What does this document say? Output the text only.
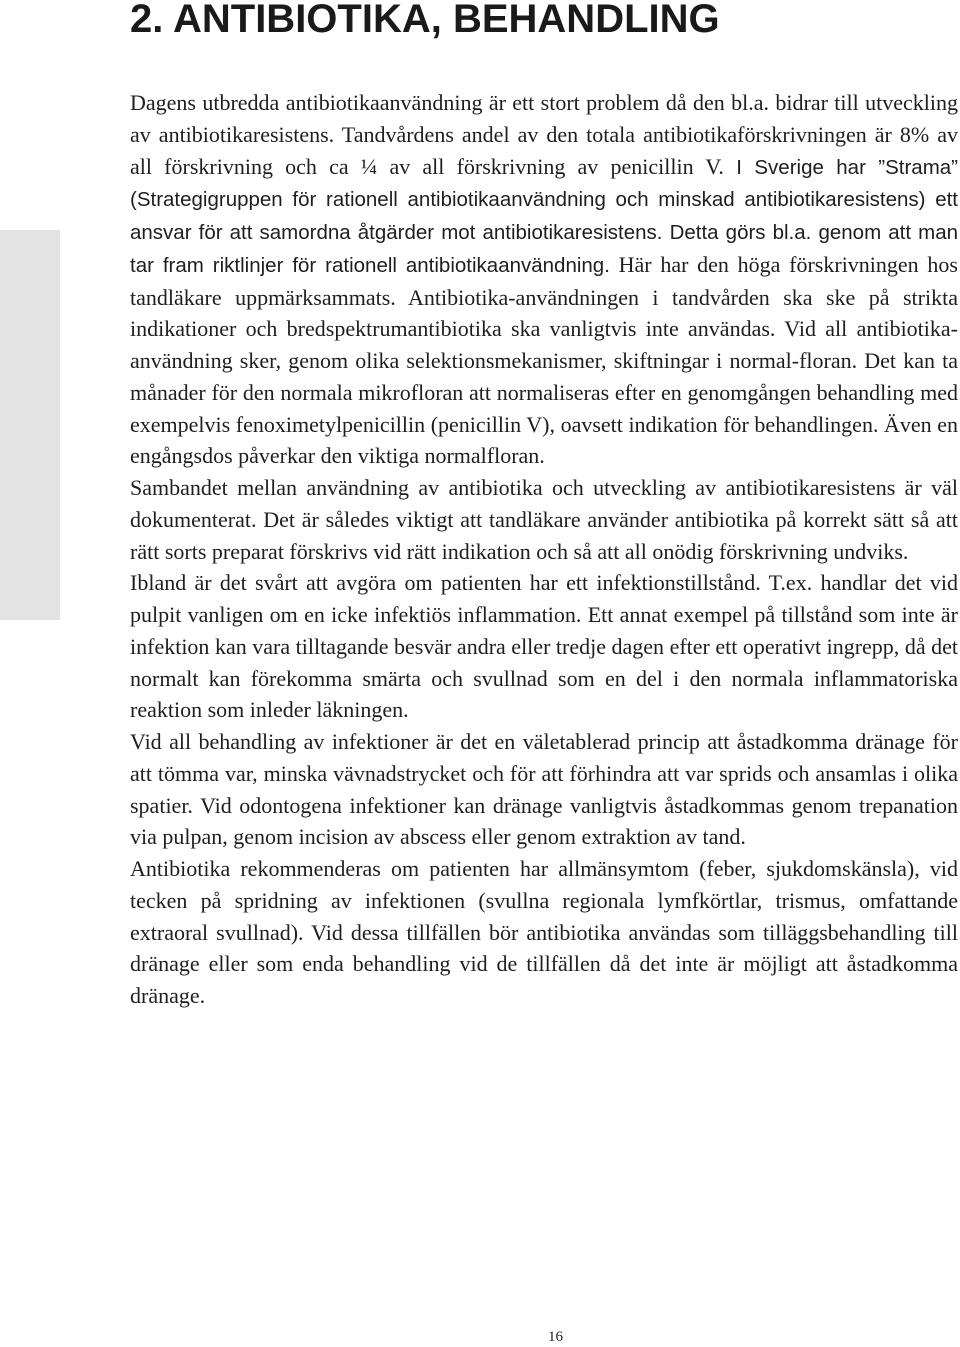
2. ANTIBIOTIKA, BEHANDLING

Dagens utbredda antibiotikaanvändning är ett stort problem då den bl.a. bidrar till utveckling av antibiotikaresistens. Tandvårdens andel av den totala antibiotikaförskrivningen är 8% av all förskrivning och ca ¼ av all förskrivning av penicillin V. I Sverige har ”Strama” (Strategigruppen för rationell antibiotikaanvändning och minskad antibiotikaresistens) ett ansvar för att samordna åtgärder mot antibiotikaresistens. Detta görs bl.a. genom att man tar fram riktlinjer för rationell antibiotikaanvändning. Här har den höga förskrivningen hos tandläkare uppmärksammats. Antibiotika-användningen i tandvården ska ske på strikta indikationer och bredspektrumantibiotika ska vanligtvis inte användas. Vid all antibiotika-användning sker, genom olika selektionsmekanismer, skiftningar i normal-floran. Det kan ta månader för den normala mikrofloran att normaliseras efter en genomgången behandling med exempelvis fenoximetylpenicillin (penicillin V), oavsett indikation för behandlingen. Även en engångsdos påverkar den viktiga normalfloran.

Sambandet mellan användning av antibiotika och utveckling av antibiotikaresistens är väl dokumenterat. Det är således viktigt att tandläkare använder antibiotika på korrekt sätt så att rätt sorts preparat förskrivs vid rätt indikation och så att all onödig förskrivning undviks.

Ibland är det svårt att avgöra om patienten har ett infektionstillstånd. T.ex. handlar det vid pulpit vanligen om en icke infektiös inflammation. Ett annat exempel på tillstånd som inte är infektion kan vara tilltagande besvär andra eller tredje dagen efter ett operativt ingrepp, då det normalt kan förekomma smärta och svullnad som en del i den normala inflammatoriska reaktion som inleder läkningen.

Vid all behandling av infektioner är det en väletablerad princip att åstadkomma dränage för att tömma var, minska vävnadstrycket och för att förhindra att var sprids och ansamlas i olika spatier. Vid odontogena infektioner kan dränage vanligtvis åstadkommas genom trepanation via pulpan, genom incision av abscess eller genom extraktion av tand.

Antibiotika rekommenderas om patienten har allmänsymtom (feber, sjukdomskänsla), vid tecken på spridning av infektionen (svullna regionala lymfkörtlar, trismus, omfattande extraoral svullnad). Vid dessa tillfällen bör antibiotika användas som tilläggsbehandling till dränage eller som enda behandling vid de tillfällen då det inte är möjligt att åstadkomma dränage.

16
